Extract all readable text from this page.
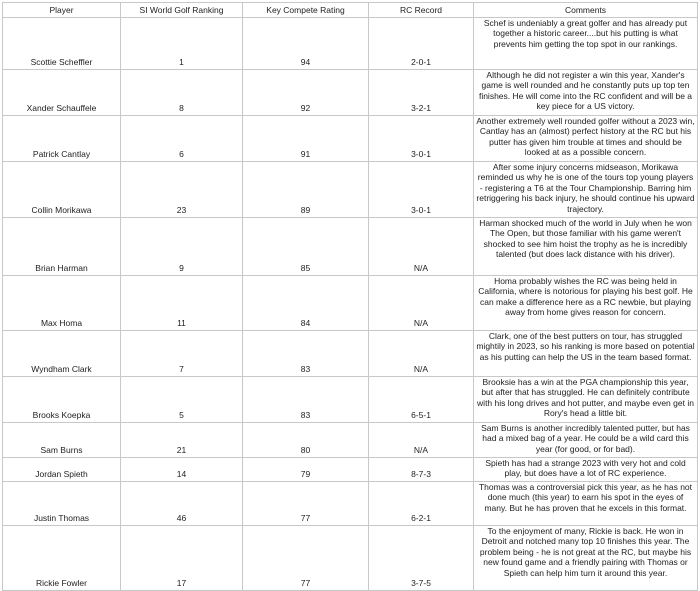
Player	SI World Golf Ranking	Key Compete Rating	RC Record	Comments
Scottie Scheffler	1	94	2-0-1	Schef is undeniably a great golfer and has already put together a historic career....but his putting is what prevents him getting the top spot in our rankings.
Xander Schauffele	8	92	3-2-1	Although he did not register a win this year, Xander's game is well rounded and he constantly puts up top ten finishes. He will come into the RC confident and will be a key piece for a US victory.
Patrick Cantlay	6	91	3-0-1	Another extremely well rounded golfer without a 2023 win, Cantlay has an (almost) perfect history at the RC but his putter has given him trouble at times and should be looked at as a possible concern.
Collin Morikawa	23	89	3-0-1	After some injury concerns midseason, Morikawa reminded us why he is one of the tours top young players - registering a T6 at the Tour Championship. Barring him retriggering his back injury, he should continue his upward trajectory.
Brian Harman	9	85	N/A	Harman shocked much of the world in July when he won The Open, but those familiar with his game weren't shocked to see him hoist the trophy as he is incredibly talented (but does lack distance with his driver).
Max Homa	11	84	N/A	Homa probably wishes the RC was being held in California, where is notorious for playing his best golf. He can make a difference here as a RC newbie, but playing away from home gives reason for concern.
Wyndham Clark	7	83	N/A	Clark, one of the best putters on tour, has struggled mightily in 2023, so his ranking is more based on potential as his putting can help the US in the team based format.
Brooks Koepka	5	83	6-5-1	Brooksie has a win at the PGA championship this year, but after that has struggled. He can definitely contribute with his long drives and hot putter, and maybe even get in Rory's head a little bit.
Sam Burns	21	80	N/A	Sam Burns is another incredibly talented putter, but has had a mixed bag of a year. He could be a wild card this year (for good, or for bad).
Jordan Spieth	14	79	8-7-3	Spieth has had a strange 2023 with very hot and cold play, but does have a lot of RC experience.
Justin Thomas	46	77	6-2-1	Thomas was a controversial pick this year, as he has not done much (this year) to earn his spot in the eyes of many. But he has proven that he excels in this format.
Rickie Fowler	17	77	3-7-5	To the enjoyment of many, Rickie is back. He won in Detroit and notched many top 10 finishes this year. The problem being - he is not great at the RC, but maybe his new found game and a friendly pairing with Thomas or Spieth can help him turn it around this year.
